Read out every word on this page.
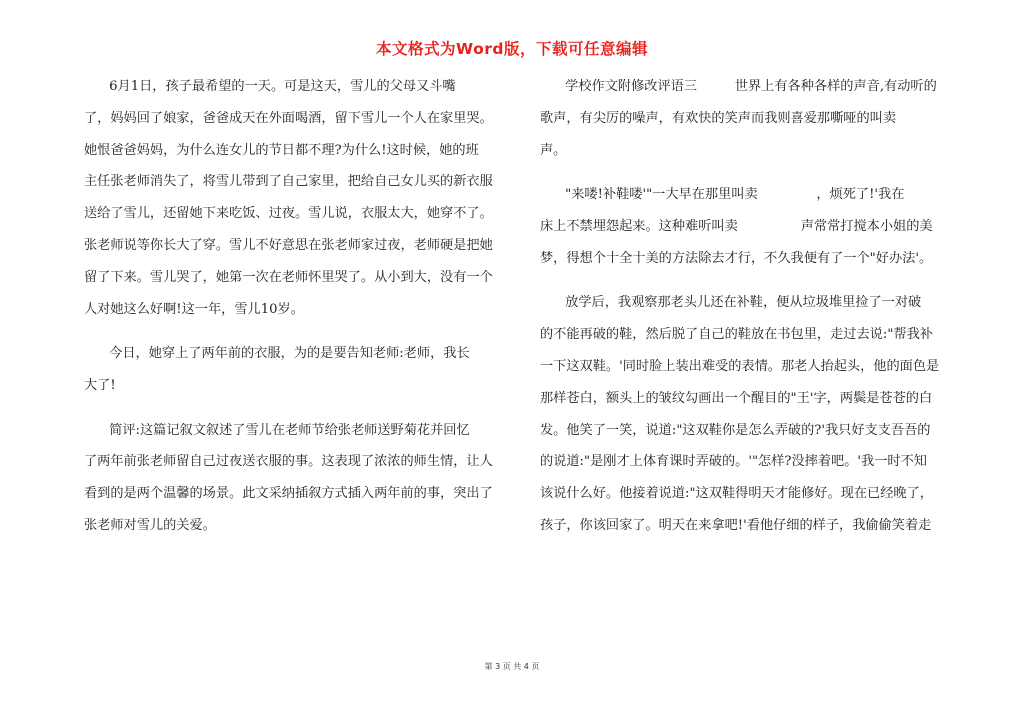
本文格式为Word版，下载可任意编辑
6月1日，孩子最希望的一天。可是这天，雪儿的父母又斗嘴
了，妈妈回了娘家，爸爸成天在外面喝酒，留下雪儿一个人在家里哭。
她恨爸爸妈妈，为什么连女儿的节日都不理?为什么!这时候，她的班
主任张老师消失了，将雪儿带到了自己家里，把给自己女儿买的新衣服
送给了雪儿，还留她下来吃饭、过夜。雪儿说，衣服太大，她穿不了。
张老师说等你长大了穿。雪儿不好意思在张老师家过夜，老师硬是把她
留了下来。雪儿哭了，她第一次在老师怀里哭了。从小到大，没有一个
人对她这么好啊!这一年，雪儿10岁。
今日，她穿上了两年前的衣服，为的是要告知老师:老师，我长
大了!
简评:这篇记叙文叙述了雪儿在老师节给张老师送野菊花并回忆
了两年前张老师留自己过夜送衣服的事。这表现了浓浓的师生情，让人
看到的是两个温馨的场景。此文采纳插叙方式插入两年前的事，突出了
张老师对雪儿的关爱。
学校作文附修改评语三         世界上有各种各样的声音,有动听的
歌声，有尖厉的噪声，有欢快的笑声而我则喜爱那嘶哑的叫卖
声。
"来喽!补鞋喽'"一大早在那里叫卖              ，烦死了!'我在
床上不禁埋怨起来。这种难听叫卖               声常常打搅本小姐的美
梦，得想个十全十美的方法除去才行，不久我便有了一个"好办法'。
放学后，我观察那老头儿还在补鞋，便从垃圾堆里捡了一对破
的不能再破的鞋，然后脱了自己的鞋放在书包里，走过去说:"帮我补
一下这双鞋。'同时脸上装出难受的表情。那老人抬起头，他的面色是
那样苍白，额头上的皱纹勾画出一个醒目的"王'字，两鬓是苍苍的白
发。他笑了一笑，说道:"这双鞋你是怎么弄破的?'我只好支支吾吾的
的说道:"是刚才上体育课时弄破的。'"怎样?没摔着吧。'我一时不知
该说什么好。他接着说道:"这双鞋得明天才能修好。现在已经晚了，
孩子，你该回家了。明天在来拿吧!'看他仔细的样子，我偷偷笑着走
第 3 页 共 4 页
